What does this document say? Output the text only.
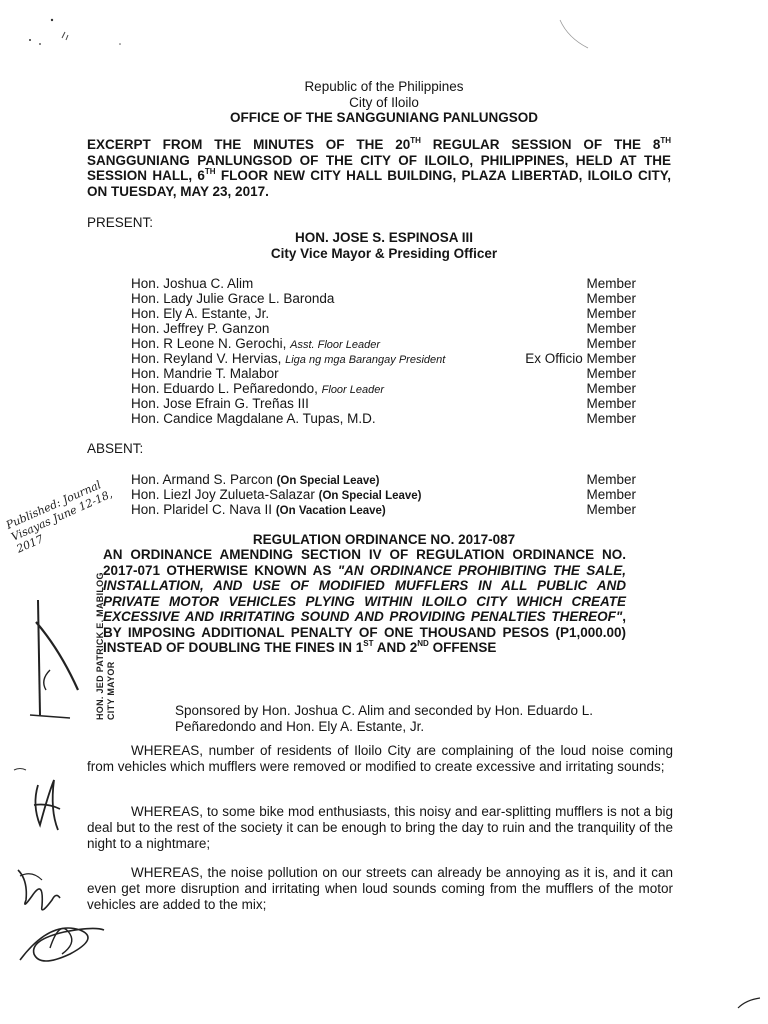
Republic of the Philippines
City of Iloilo
OFFICE OF THE SANGGUNIANG PANLUNGSOD
EXCERPT FROM THE MINUTES OF THE 20TH REGULAR SESSION OF THE 8TH SANGGUNIANG PANLUNGSOD OF THE CITY OF ILOILO, PHILIPPINES, HELD AT THE SESSION HALL, 6TH FLOOR NEW CITY HALL BUILDING, PLAZA LIBERTAD, ILOILO CITY, ON TUESDAY, MAY 23, 2017.
PRESENT:
HON. JOSE S. ESPINOSA III
City Vice Mayor & Presiding Officer
Hon. Joshua C. Alim	Member
Hon. Lady Julie Grace L. Baronda	Member
Hon. Ely A. Estante, Jr.	Member
Hon. Jeffrey P. Ganzon	Member
Hon. R Leone N. Gerochi, Asst. Floor Leader	Member
Hon. Reyland V. Hervias, Liga ng mga Barangay President	Ex Officio Member
Hon. Mandrie T. Malabor	Member
Hon. Eduardo L. Peñaredondo, Floor Leader	Member
Hon. Jose Efrain G. Treñas III	Member
Hon. Candice Magdalane A. Tupas, M.D.	Member
ABSENT:
Hon. Armand S. Parcon (On Special Leave)	Member
Hon. Liezl Joy Zulueta-Salazar (On Special Leave)	Member
Hon. Plaridel C. Nava II (On Vacation Leave)	Member
REGULATION ORDINANCE NO. 2017-087
AN ORDINANCE AMENDING SECTION IV OF REGULATION ORDINANCE NO. 2017-071 OTHERWISE KNOWN AS "AN ORDINANCE PROHIBITING THE SALE, INSTALLATION, AND USE OF MODIFIED MUFFLERS IN ALL PUBLIC AND PRIVATE MOTOR VEHICLES PLYING WITHIN ILOILO CITY WHICH CREATE EXCESSIVE AND IRRITATING SOUND AND PROVIDING PENALTIES THEREOF", BY IMPOSING ADDITIONAL PENALTY OF ONE THOUSAND PESOS (P1,000.00) INSTEAD OF DOUBLING THE FINES IN 1ST AND 2ND OFFENSE
Sponsored by Hon. Joshua C. Alim and seconded by Hon. Eduardo L. Peñaredondo and Hon. Ely A. Estante, Jr.
WHEREAS, number of residents of Iloilo City are complaining of the loud noise coming from vehicles which mufflers were removed or modified to create excessive and irritating sounds;
WHEREAS, to some bike mod enthusiasts, this noisy and ear-splitting mufflers is not a big deal but to the rest of the society it can be enough to bring the day to ruin and the tranquility of the night to a nightmare;
WHEREAS, the noise pollution on our streets can already be annoying as it is, and it can even get more disruption and irritating when loud sounds coming from the mufflers of the motor vehicles are added to the mix;
Published: Journal Visayas June 12-18, 2017
HON. JED PATRICK E. MABILOG CITY MAYOR
